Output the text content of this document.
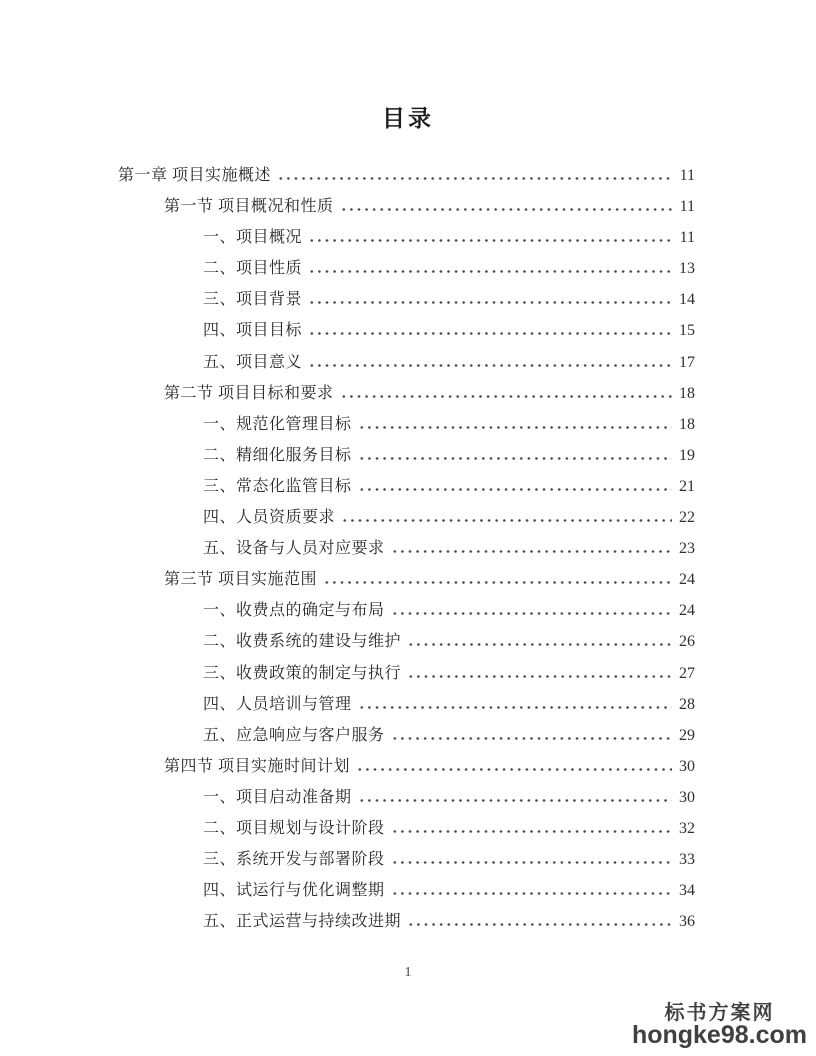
目录
第一章 项目实施概述	11
第一节 项目概况和性质	11
一、项目概况	11
二、项目性质	13
三、项目背景	14
四、项目目标	15
五、项目意义	17
第二节 项目目标和要求	18
一、规范化管理目标	18
二、精细化服务目标	19
三、常态化监管目标	21
四、人员资质要求	22
五、设备与人员对应要求	23
第三节 项目实施范围	24
一、收费点的确定与布局	24
二、收费系统的建设与维护	26
三、收费政策的制定与执行	27
四、人员培训与管理	28
五、应急响应与客户服务	29
第四节 项目实施时间计划	30
一、项目启动准备期	30
二、项目规划与设计阶段	32
三、系统开发与部署阶段	33
四、试运行与优化调整期	34
五、正式运营与持续改进期	36
1
标书方案网
hongke98.com
